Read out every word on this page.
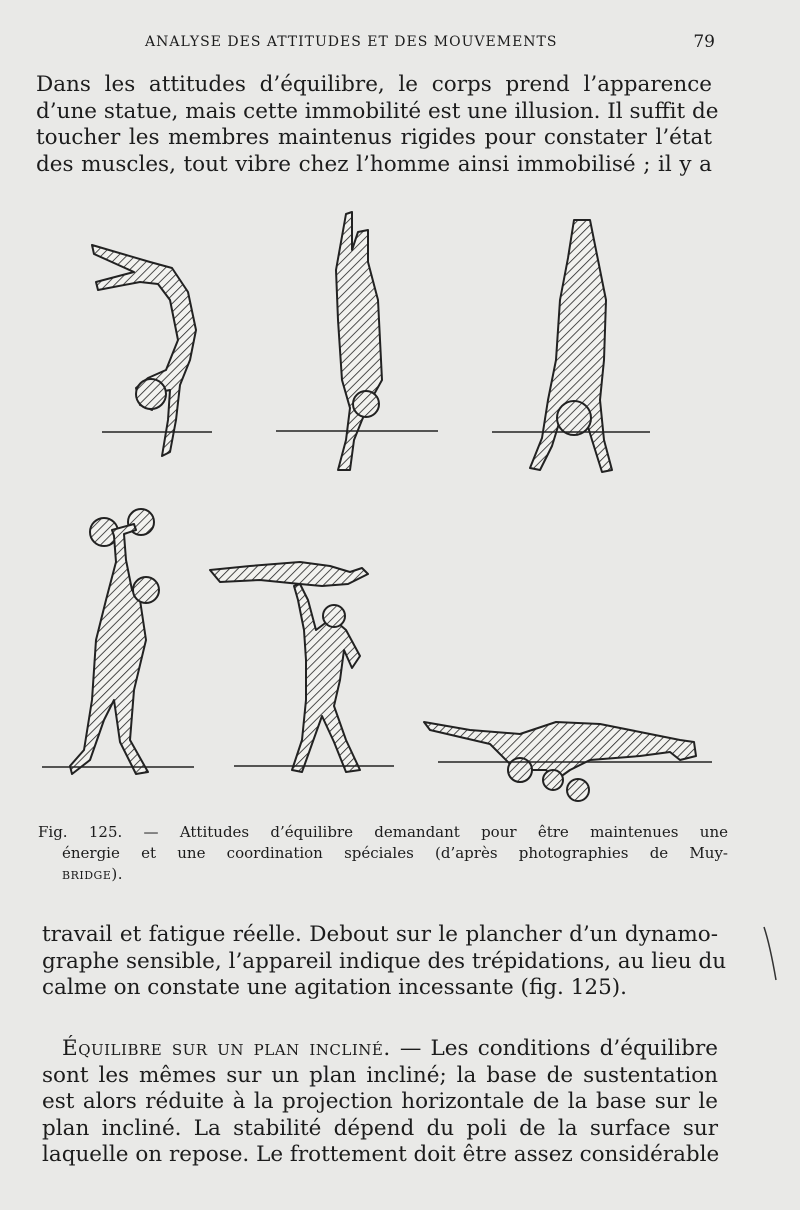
ANALYSE DES ATTITUDES ET DES MOUVEMENTS	79
Dans les attitudes d’équilibre, le corps prend l’apparence
d’une statue, mais cette immobilité est une illusion. Il suffit de
toucher les membres maintenus rigides pour constater l’état
des muscles, tout vibre chez l’homme ainsi immobilisé ; il y a
Fig. 125. — Attitudes d’équilibre demandant pour être maintenues une
énergie et une coordination spéciales (d’après photographies de Muy-
bridge).
travail et fatigue réelle. Debout sur le plancher d’un dynamo-
graphe sensible, l’appareil indique des trépidations, au lieu du
calme on constate une agitation incessante (fig. 125).
Équilibre sur un plan incliné. — Les conditions d’équilibre
sont les mêmes sur un plan incliné; la base de sustentation
est alors réduite à la projection horizontale de la base sur le
plan incliné. La stabilité dépend du poli de la surface sur
laquelle on repose. Le frottement doit être assez considérable
